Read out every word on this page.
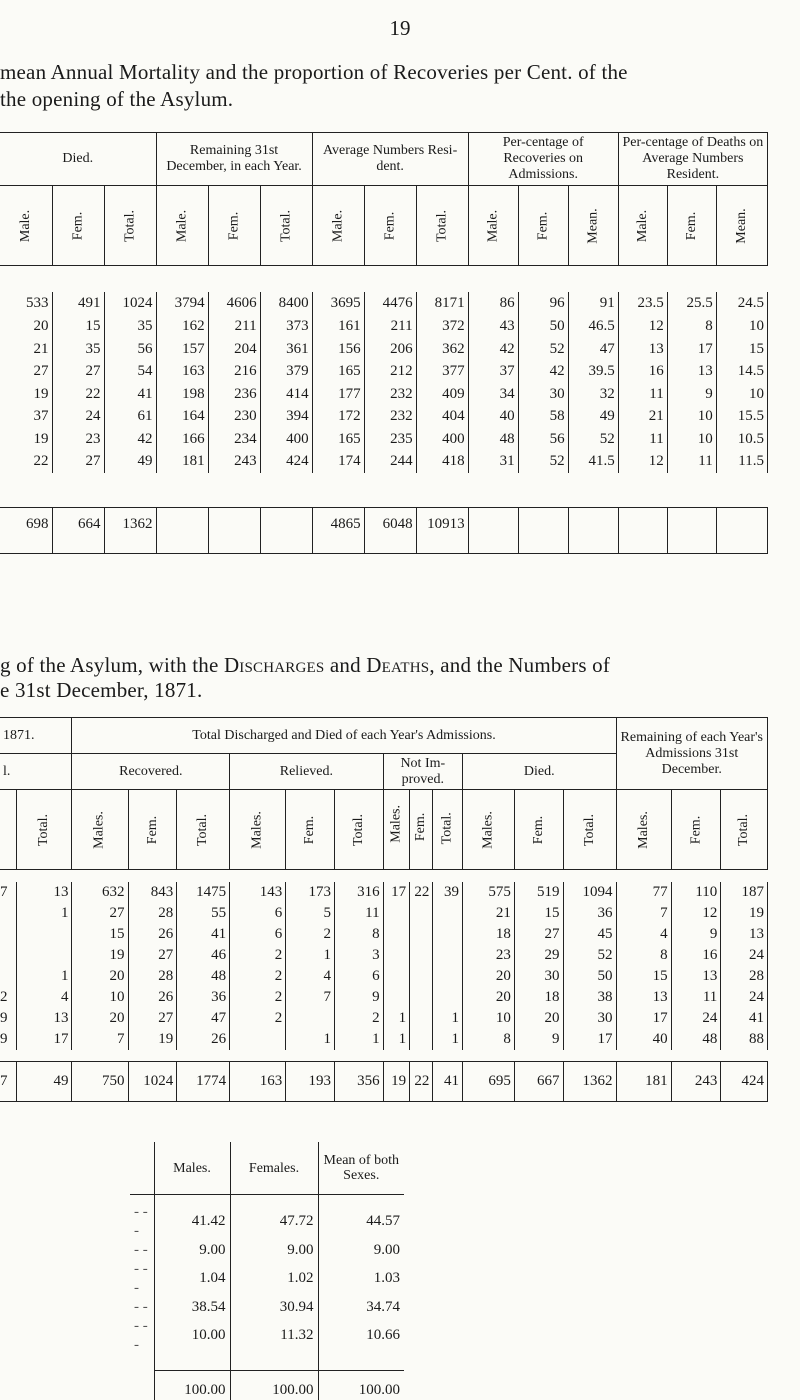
19
mean Annual Mortality and the proportion of Recoveries per Cent. of the
the opening of the Asylum.
Died.			Remaining 31st December, in each Year.			Average Numbers Resi- dent.			Per-centage of Recoveries on Admissions.			Per-centage of Deaths on Average Numbers Resident.		

Male.	Fem.	Total.	Male.	Fem.	Total.	Male.	Fem.	Total.	Male.	Fem.	Mean.	Male.	Fem.	Mean.

533	491	1024	3794	4606	8400	3695	4476	8171	86	96	91	23.5	25.5	24.5
20	15	35	162	211	373	161	211	372	43	50	46.5	12	8	10
21	35	56	157	204	361	156	206	362	42	52	47	13	17	15
27	27	54	163	216	379	165	212	377	37	42	39.5	16	13	14.5
19	22	41	198	236	414	177	232	409	34	30	32	11	9	10
37	24	61	164	230	394	172	232	404	40	58	49	21	10	15.5
19	23	42	166	234	400	165	235	400	48	56	52	11	10	10.5
22	27	49	181	243	424	174	244	418	31	52	41.5	12	11	11.5

698	664	1362				4865	6048	10913						
g of the Asylum, with the Discharges and Deaths, and the Numbers of
e 31st December, 1871.
1871.		Total Discharged and Died of each Year's Admissions.												Remaining of each Year's Admissions 31st December.		
l.		Recovered.			Relieved.			Not Im- proved.			Died.					

	Total.	Males.	Fem.	Total.	Males.	Fem.	Total.	Males.	Fem.	Total.	Males.	Fem.	Total.	Males.	Fem.	Total.

7	13	632	843	1475	143	173	316	17	22	39	575	519	1094	77	110	187
	1	27	28	55	6	5	11				21	15	36	7	12	19
		15	26	41	6	2	8				18	27	45	4	9	13
		19	27	46	2	1	3				23	29	52	8	16	24
	1	20	28	48	2	4	6				20	30	50	15	13	28
2	4	10	26	36	2	7	9				20	18	38	13	11	24
9	13	20	27	47	2		2	1		1	10	20	30	17	24	41
9	17	7	19	26		1	1	1		1	8	9	17	40	48	88

7	49	750	1024	1774	163	193	356	19	22	41	695	667	1362	181	243	424
	Males.	Females.	Mean of both Sexes.

- - -	41.42	47.72	44.57
- -	9.00	9.00	9.00
- - -	1.04	1.02	1.03
- -	38.54	30.94	34.74
- - -	10.00	11.32	10.66

	100.00	100.00	100.00
